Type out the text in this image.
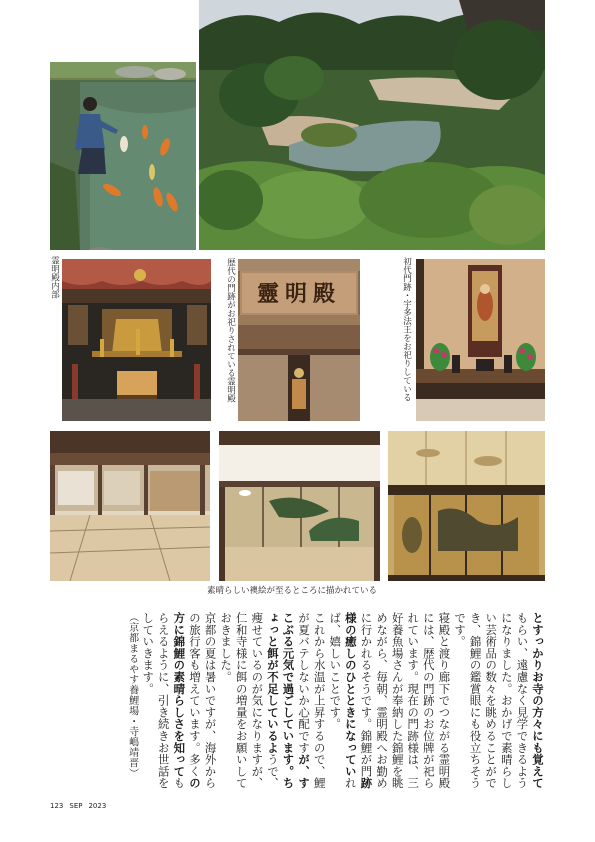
霊明殿内部	靈明殿
歴代の門跡がお祀りされている霊明殿	初代門跡・宇多法王をお祀りしている
素晴らしい襖絵が至るところに描かれている

とすっかりお寺の方々にも覚えてもらい、遠慮なく見学できるようになりました。おかげで素晴らしい芸術品の数々を眺めることができ、錦鯉の鑑賞眼にも役立ちそうです。

寝殿と渡り廊下でつながる霊明殿には、歴代の門跡のお位牌が祀られています。現在の門跡様は、三好養魚場さんが奉納した錦鯉を眺めながら、毎朝、霊明殿へお勤めに行かれるそうです。錦鯉が門跡様の癒しのひとときになっていれば、嬉しいことです。

これから水温が上昇するので、鯉が夏バテしないか心配ですが、すこぶる元気で過ごしています。ちょっと餌が不足しているようで、痩せているのが気になりますが、仁和寺様に餌の増量をお願いしておきました。

京都の夏は暑いですが、海外からの旅行客も増えています。多くの方に錦鯉の素晴らしさを知ってもらえるように、引き続きお世話をしていきます。

（京都まるやす養鯉場・寺嶋靖晋）

123 SEP 2023
